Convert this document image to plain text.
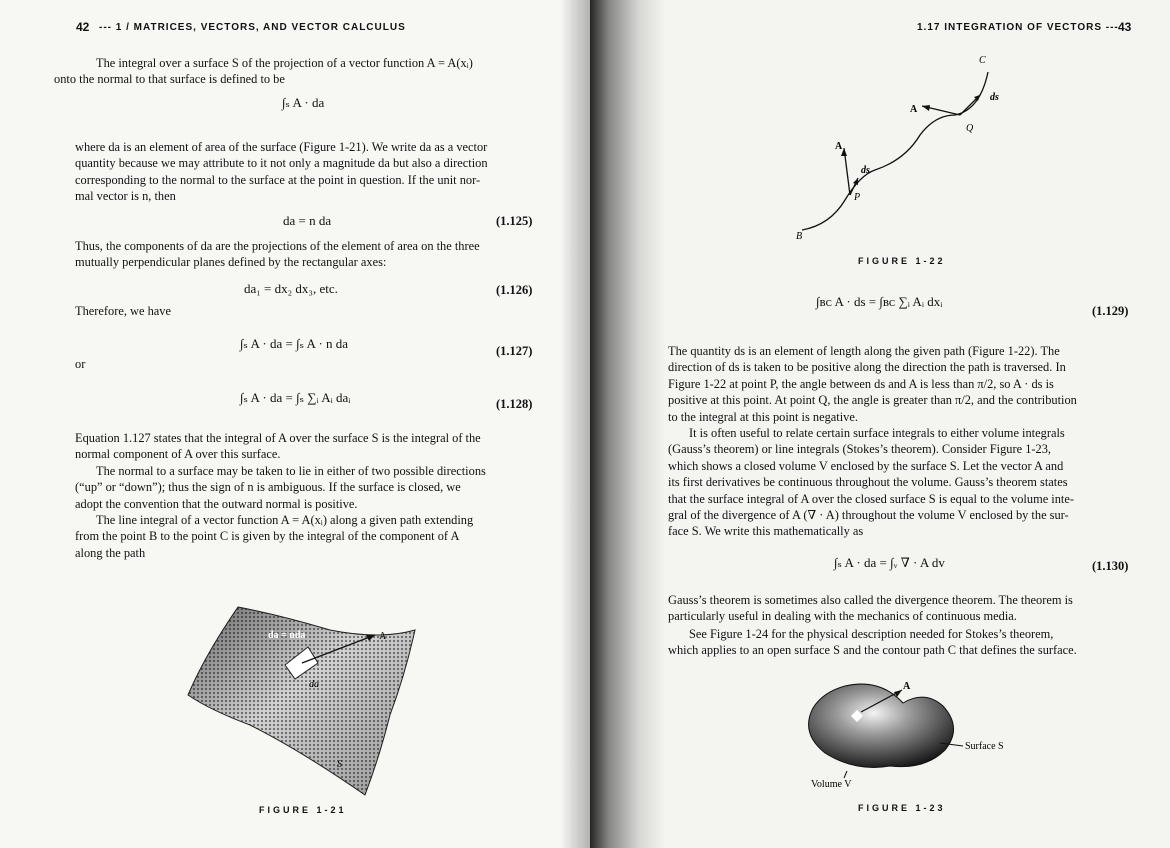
42 --- 1 / MATRICES, VECTORS, AND VECTOR CALCULUS

The integral over a surface S of the projection of a vector function A = A(xᵢ)
onto the normal to that surface is defined to be

∫ₛ A · da

where da is an element of area of the surface (Figure 1-21). We write da as a vector
quantity because we may attribute to it not only a magnitude da but also a direction
corresponding to the normal to the surface at the point in question. If the unit nor-
mal vector is n, then

da = n da	(1.125)

Thus, the components of da are the projections of the element of area on the three
mutually perpendicular planes defined by the rectangular axes:

da₁ = dx₂ dx₃, etc.	(1.126)
Therefore, we have
∫ₛ A · da = ∫ₛ A · n da	(1.127)
or
∫ₛ A · da = ∫ₛ ∑ᵢ Aᵢ daᵢ	(1.128)

Equation 1.127 states that the integral of A over the surface S is the integral of the
normal component of A over this surface.

The normal to a surface may be taken to lie in either of two possible directions
(“up” or “down”); thus the sign of n is ambiguous. If the surface is closed, we
adopt the convention that the outward normal is positive.

The line integral of a vector function A = A(xᵢ) along a given path extending
from the point B to the point C is given by the integral of the component of A
along the path

da = nda	A
da
S
FIGURE 1-21
1.17 INTEGRATION OF VECTORS --- 43
C
ds
A
Q
A
ds
P
B
FIGURE 1-22
∫ʙᴄ A · ds = ∫ʙᴄ ∑ᵢ Aᵢ dxᵢ
(1.129)

The quantity ds is an element of length along the given path (Figure 1-22). The
direction of ds is taken to be positive along the direction the path is traversed. In
Figure 1-22 at point P, the angle between ds and A is less than π/2, so A · ds is
positive at this point. At point Q, the angle is greater than π/2, and the contribution
to the integral at this point is negative.

It is often useful to relate certain surface integrals to either volume integrals
(Gauss’s theorem) or line integrals (Stokes’s theorem). Consider Figure 1-23,
which shows a closed volume V enclosed by the surface S. Let the vector A and
its first derivatives be continuous throughout the volume. Gauss’s theorem states
that the surface integral of A over the closed surface S is equal to the volume inte-
gral of the divergence of A (∇ · A) throughout the volume V enclosed by the sur-
face S. We write this mathematically as

∫ₛ A · da = ∫ᵥ ∇ · A dv	(1.130)

Gauss’s theorem is sometimes also called the divergence theorem. The theorem is
particularly useful in dealing with the mechanics of continuous media.

See Figure 1-24 for the physical description needed for Stokes’s theorem,
which applies to an open surface S and the contour path C that defines the surface.

A
Surface S
Volume V
FIGURE 1-23
